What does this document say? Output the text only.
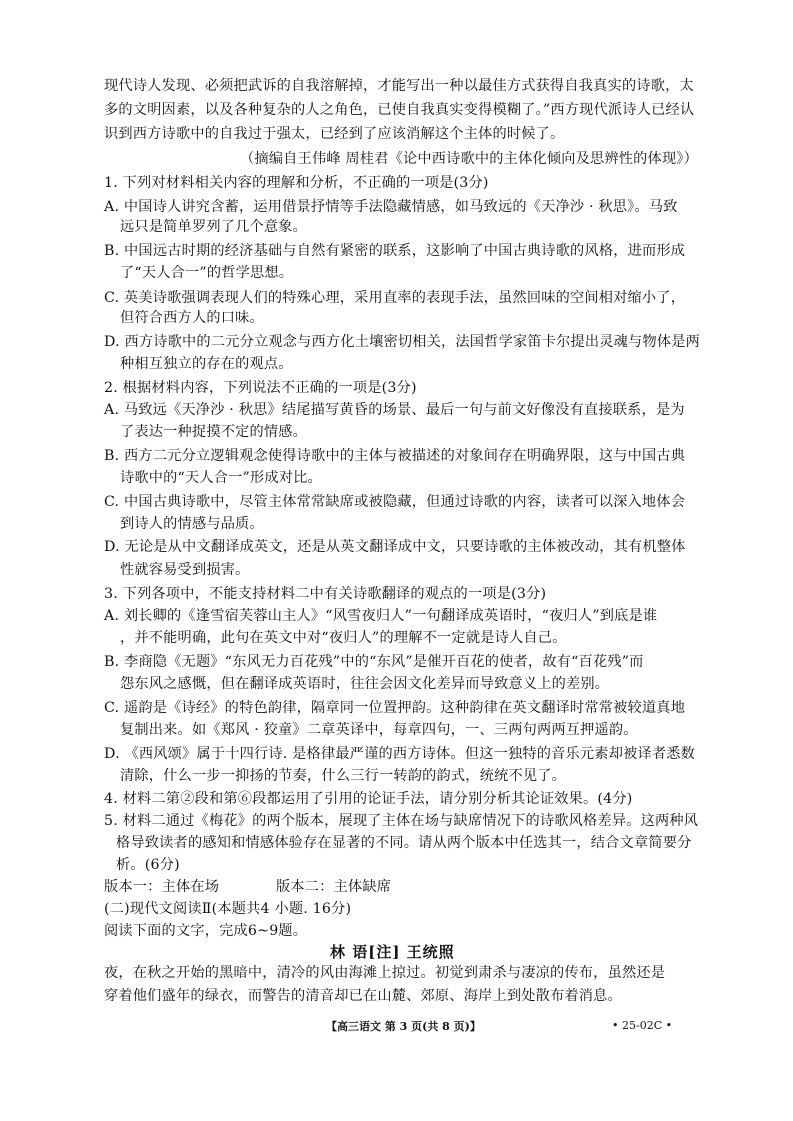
现代诗人发现、必须把武诉的自我溶解掉，才能写出一种以最佳方式获得自我真实的诗歌，太
多的文明因素，以及各种复杂的人之角色，已使自我真实变得模糊了。”西方现代派诗人已经认
识到西方诗歌中的自我过于强太，已经到了应该消解这个主体的时候了。
（摘编自王伟峰 周桂君《论中西诗歌中的主体化倾向及思辨性的体现》）
1. 下列对材料相关内容的理解和分析，不正确的一项是(3分)
A. 中国诗人讲究含蓄，运用借景抒情等手法隐藏情感，如马致远的《天净沙 · 秋思》。马致
远只是简单罗列了几个意象。
B. 中国远古时期的经济基础与自然有紧密的联系，这影响了中国古典诗歌的风格，进而形成
了“天人合一”的哲学思想。
C. 英美诗歌强调表现人们的特殊心理，采用直率的表现手法，虽然回味的空间相对缩小了，
但符合西方人的口味。
D. 西方诗歌中的二元分立观念与西方化土壤密切相关，法国哲学家笛卡尔提出灵魂与物体是两
种相互独立的存在的观点。
2. 根据材料内容，下列说法不正确的一项是(3分)
A. 马致远《天净沙 · 秋思》结尾描写黄昏的场景、最后一句与前文好像没有直接联系，是为
了表达一种捉摸不定的情感。
B. 西方二元分立逻辑观念使得诗歌中的主体与被描述的对象间存在明确界限，这与中国古典
诗歌中的“天人合一”形成对比。
C. 中国古典诗歌中，尽管主体常常缺席或被隐藏，但通过诗歌的内容，读者可以深入地体会
到诗人的情感与品质。
D. 无论是从中文翻译成英文，还是从英文翻译成中文，只要诗歌的主体被改动，其有机整体
性就容易受到损害。
3. 下列各项中，不能支持材料二中有关诗歌翻译的观点的一项是(3分)
A. 刘长卿的《逢雪宿芙蓉山主人》“风雪夜归人”一句翻译成英语时，“夜归人”到底是谁
，并不能明确，此句在英文中对“夜归人”的理解不一定就是诗人自己。
B. 李商隐《无题》“东风无力百花残”中的“东风”是催开百花的使者，故有“百花残”而
怨东风之感慨，但在翻译成英语时，往往会因文化差异而导致意义上的差别。
C. 遥韵是《诗经》的特色韵律，隔章同一位置押韵。这种韵律在英文翻译时常常被较道真地
复制出来。如《郑风 · 狡童》二章英译中，每章四句，一、三两句两两互押遥韵。
D. 《西风颂》属于十四行诗. 是格律最严谨的西方诗体。但这一独特的音乐元素却被译者悉数
清除，什么一步一抑扬的节奏，什么三行一转韵的韵式，统统不见了。
4. 材料二第②段和第⑥段都运用了引用的论证手法，请分别分析其论证效果。(4分)
5. 材料二通过《梅花》的两个版本，展现了主体在场与缺席情况下的诗歌风格差异。这两种风
格导致读者的感知和情感体验存在显著的不同。请从两个版本中任选其一，结合文章简要分
析。(6分)
版本一：主体在场	版本二：主体缺席
(二)现代文阅读Ⅱ(本题共4 小题. 16分)
阅读下面的文字，完成6~9题。
林 语[注] 王统照
夜，在秋之开始的黑暗中，清冷的风由海滩上掠过。初觉到肃杀与凄凉的传布，虽然还是
穿着他们盛年的绿衣，而警告的清音却已在山麓、郊原、海岸上到处散布着消息。
【高三语文 第 3 页(共 8 页)】	• 25-02C •
